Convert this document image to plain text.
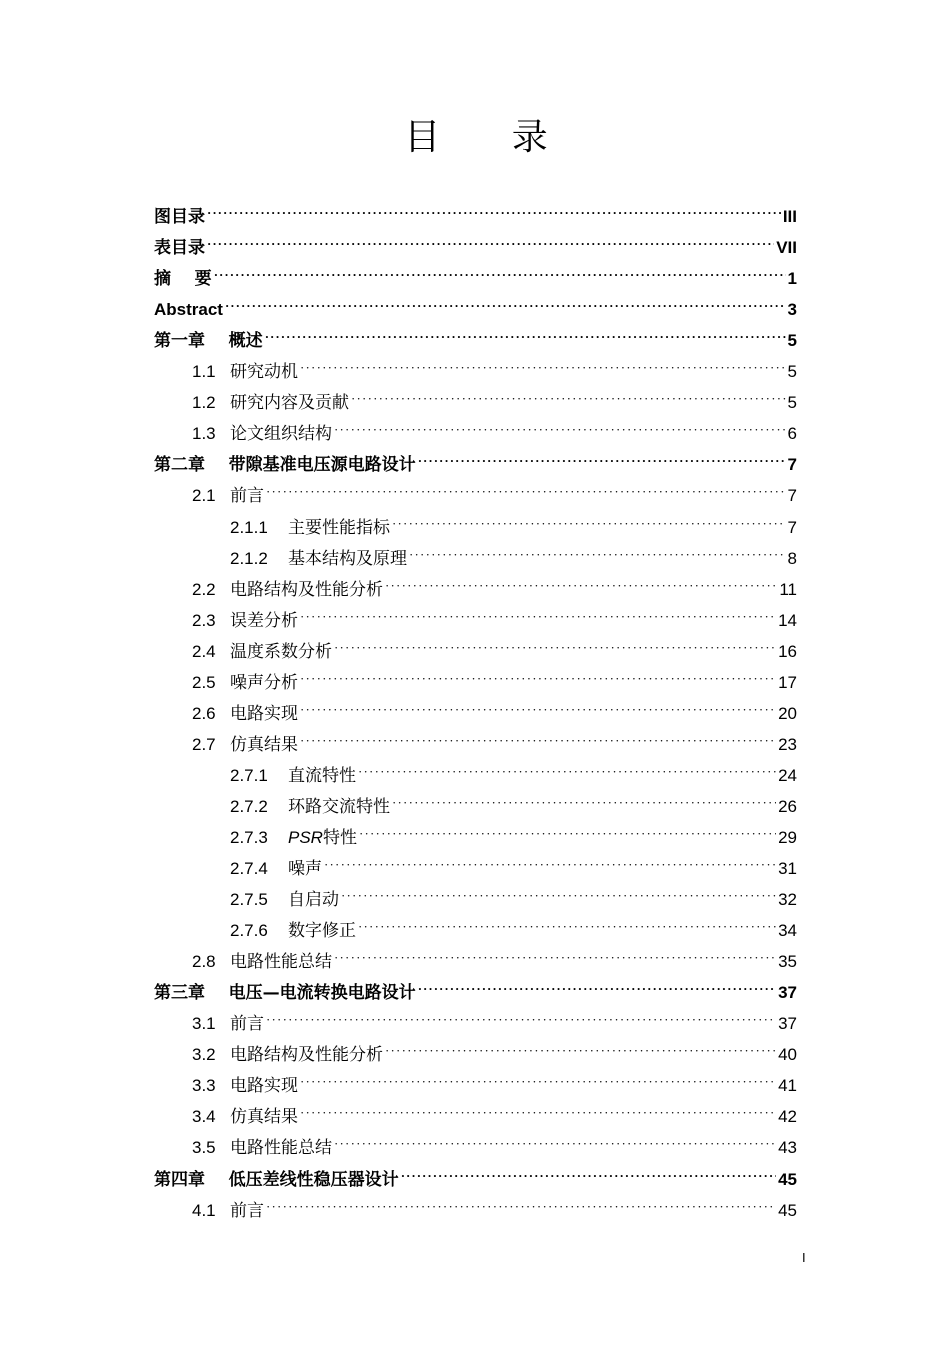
目 录
图目录 ·····	III
表目录 ·····	VII
摘    要 ·····	1
Abstract ·····	3
第一章    概述 ·····	5
1.1 研究动机 ·····	5
1.2 研究内容及贡献 ·····	5
1.3 论文组织结构 ·····	6
第二章    带隙基准电压源电路设计 ·····	7
2.1 前言 ·····	7
2.1.1	主要性能指标 ·····	7
2.1.2	基本结构及原理 ·····	8
2.2 电路结构及性能分析 ·····	11
2.3 误差分析 ·····	14
2.4 温度系数分析 ·····	16
2.5 噪声分析 ·····	17
2.6 电路实现 ·····	20
2.7 仿真结果 ·····	23
2.7.1	直流特性 ·····	24
2.7.2	环路交流特性 ·····	26
2.7.3	PSR 特性 ·····	29
2.7.4	噪声 ·····	31
2.7.5	自启动 ·····	32
2.7.6	数字修正 ·····	34
2.8 电路性能总结 ·····	35
第三章    电压—电流转换电路设计 ·····	37
3.1 前言 ·····	37
3.2 电路结构及性能分析 ·····	40
3.3 电路实现 ·····	41
3.4 仿真结果 ·····	42
3.5 电路性能总结 ·····	43
第四章    低压差线性稳压器设计 ·····	45
4.1 前言 ·····	45
I
